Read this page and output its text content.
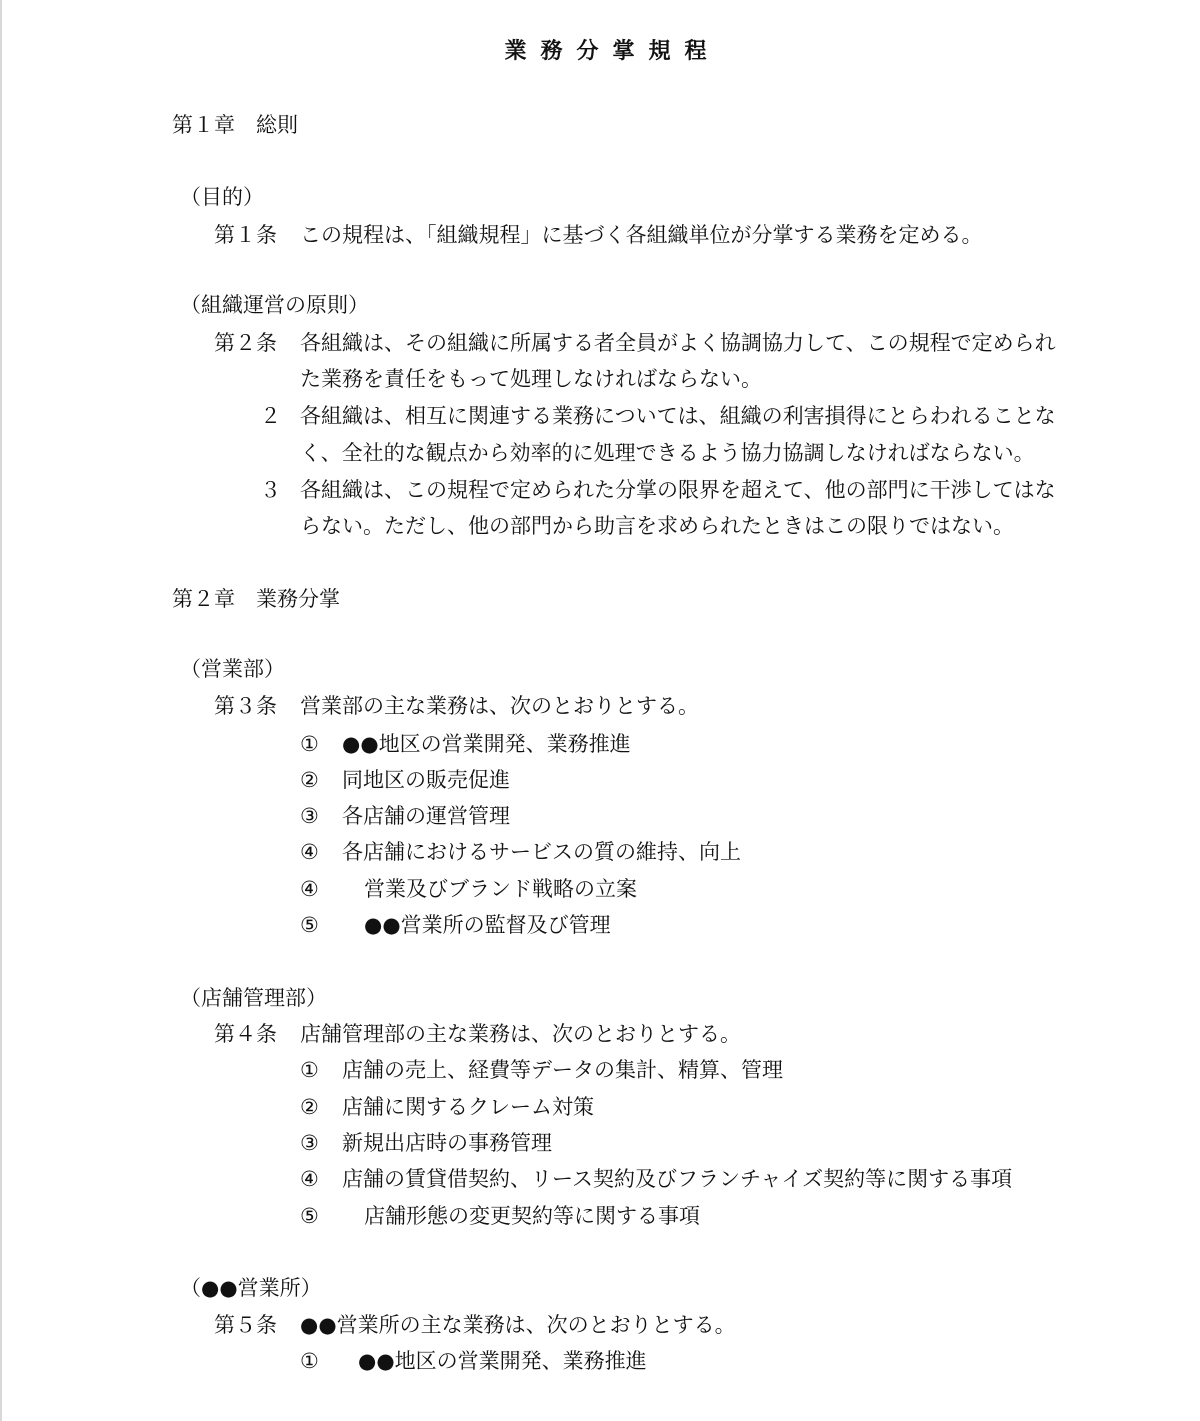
業務分掌規程
第１章　総則
（目的）
第１条 この規程は、「組織規程」に基づく各組織単位が分掌する業務を定める。
（組織運営の原則）
第２条 各組織は、その組織に所属する者全員がよく協調協力して、この規程で定められ
た業務を責任をもって処理しなければならない。
２ 各組織は、相互に関連する業務については、組織の利害損得にとらわれることな
く、全社的な観点から効率的に処理できるよう協力協調しなければならない。
３ 各組織は、この規程で定められた分掌の限界を超えて、他の部門に干渉してはな
らない。ただし、他の部門から助言を求められたときはこの限りではない。
第２章　業務分掌
（営業部）
第３条 営業部の主な業務は、次のとおりとする。
① ●●地区の営業開発、業務推進
② 同地区の販売促進
③ 各店舗の運営管理
④ 各店舗におけるサービスの質の維持、向上
④ 営業及びブランド戦略の立案
⑤ ●●営業所の監督及び管理
（店舗管理部）
第４条 店舗管理部の主な業務は、次のとおりとする。
① 店舗の売上、経費等データの集計、精算、管理
② 店舗に関するクレーム対策
③ 新規出店時の事務管理
④ 店舗の賃貸借契約、リース契約及びフランチャイズ契約等に関する事項
⑤ 店舗形態の変更契約等に関する事項
（●●営業所）
第５条 ●●営業所の主な業務は、次のとおりとする。
① ●●地区の営業開発、業務推進
